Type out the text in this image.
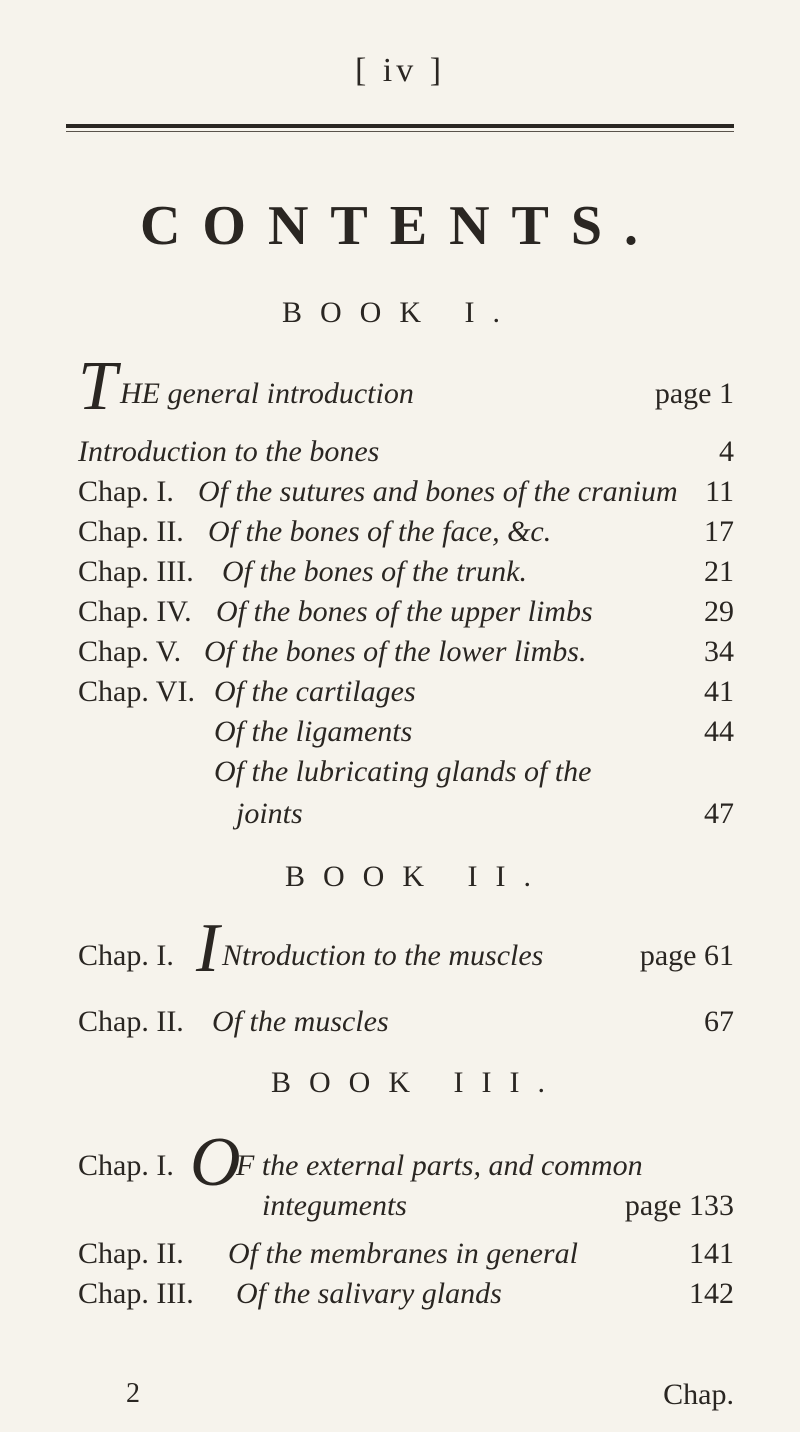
[ iv ]
CONTENTS.
BOOK I.
T HE general introduction	page 1
Introduction to the bones	4
Chap. I. Of the sutures and bones of the cranium 11
Chap. II. Of the bones of the face, &c.	17
Chap. III. Of the bones of the trunk.	21
Chap. IV. Of the bones of the upper limbs	29
Chap. V. Of the bones of the lower limbs.	34
Chap. VI. Of the cartilages	41
Of the ligaments	44
Of the lubricating glands of the
joints	47
BOOK II.
Chap. I. I Ntroduction to the muscles	page 61
Chap. II. Of the muscles	67
BOOK III.
Chap. I. O
F the external parts, and common
integuments	page 133
Chap. II. Of the membranes in general	141
Chap. III. Of the salivary glands	142
2	Chap.
